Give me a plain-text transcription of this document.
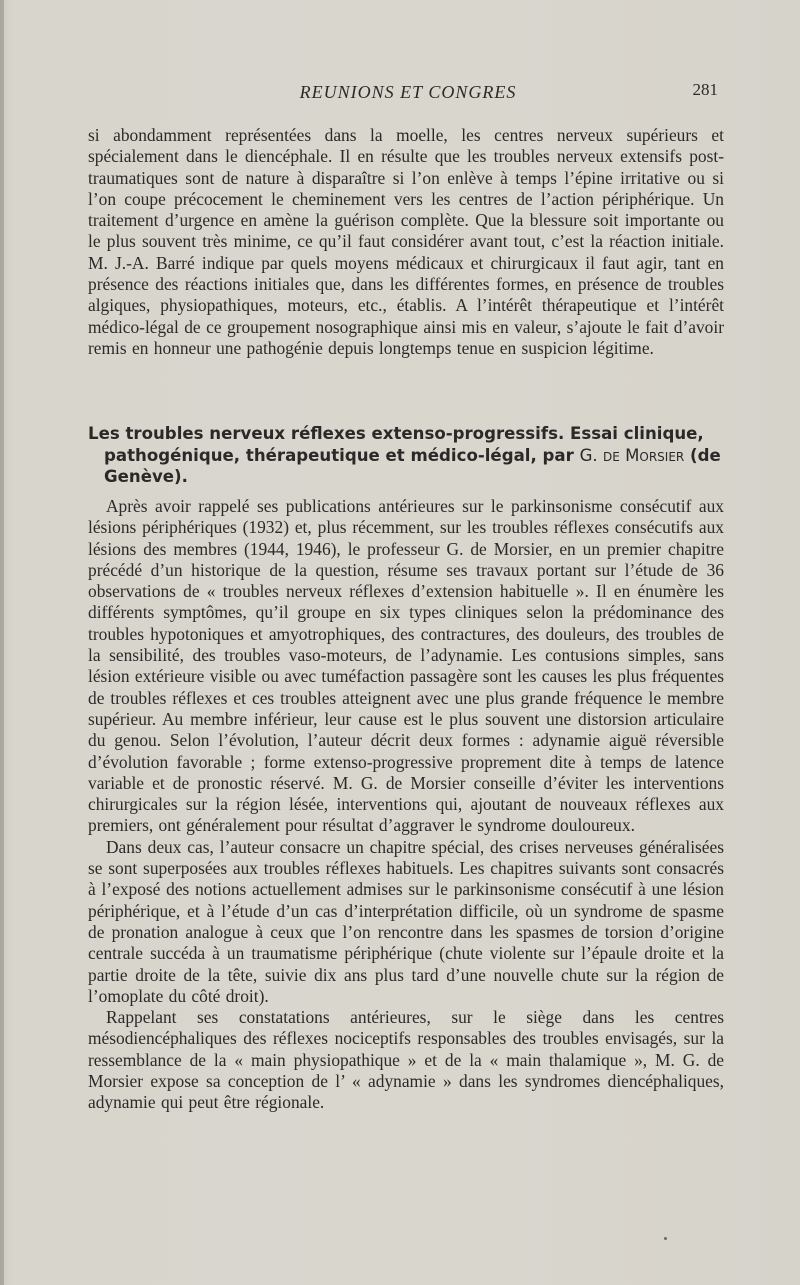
REUNIONS ET CONGRES	281

si abondamment représentées dans la moelle, les centres nerveux supérieurs et spécialement dans le diencéphale. Il en résulte que les troubles nerveux extensifs post-traumatiques sont de nature à disparaître si l’on enlève à temps l’épine irritative ou si l’on coupe précocement le cheminement vers les centres de l’action périphérique. Un traitement d’urgence en amène la guérison complète. Que la blessure soit importante ou le plus souvent très minime, ce qu’il faut considérer avant tout, c’est la réaction initiale. M. J.-A. Barré indique par quels moyens médicaux et chirurgicaux il faut agir, tant en présence des réactions initiales que, dans les différentes formes, en présence de troubles algiques, physiopathiques, moteurs, etc., établis. A l’intérêt thérapeutique et l’intérêt médico-légal de ce groupement nosographique ainsi mis en valeur, s’ajoute le fait d’avoir remis en honneur une pathogénie depuis longtemps tenue en suspicion légitime.

Les troubles nerveux réflexes extenso-progressifs. Essai clinique, pathogénique, thérapeutique et médico-légal, par G. de Morsier (de Genève).

Après avoir rappelé ses publications antérieures sur le parkinsonisme consécutif aux lésions périphériques (1932) et, plus récemment, sur les troubles réflexes consécutifs aux lésions des membres (1944, 1946), le professeur G. de Morsier, en un premier chapitre précédé d’un historique de la question, résume ses travaux portant sur l’étude de 36 observations de « troubles nerveux réflexes d’extension habituelle ». Il en énumère les différents symptômes, qu’il groupe en six types cliniques selon la prédominance des troubles hypotoniques et amyotrophiques, des contractures, des douleurs, des troubles de la sensibilité, des troubles vaso-moteurs, de l’adynamie. Les contusions simples, sans lésion extérieure visible ou avec tuméfaction passagère sont les causes les plus fréquentes de troubles réflexes et ces troubles atteignent avec une plus grande fréquence le membre supérieur. Au membre inférieur, leur cause est le plus souvent une distorsion articulaire du genou. Selon l’évolution, l’auteur décrit deux formes : adynamie aiguë réversible d’évolution favorable ; forme extenso-progressive proprement dite à temps de latence variable et de pronostic réservé. M. G. de Morsier conseille d’éviter les interventions chirurgicales sur la région lésée, interventions qui, ajoutant de nouveaux réflexes aux premiers, ont généralement pour résultat d’aggraver le syndrome douloureux.

Dans deux cas, l’auteur consacre un chapitre spécial, des crises nerveuses généralisées se sont superposées aux troubles réflexes habituels. Les chapitres suivants sont consacrés à l’exposé des notions actuellement admises sur le parkinsonisme consécutif à une lésion périphérique, et à l’étude d’un cas d’interprétation difficile, où un syndrome de spasme de pronation analogue à ceux que l’on rencontre dans les spasmes de torsion d’origine centrale succéda à un traumatisme périphérique (chute violente sur l’épaule droite et la partie droite de la tête, suivie dix ans plus tard d’une nouvelle chute sur la région de l’omoplate du côté droit).

Rappelant ses constatations antérieures, sur le siège dans les centres mésodiencéphaliques des réflexes nociceptifs responsables des troubles envisagés, sur la ressemblance de la « main physiopathique » et de la « main thalamique », M. G. de Morsier expose sa conception de l’ « adynamie » dans les syndromes diencéphaliques, adynamie qui peut être régionale.
